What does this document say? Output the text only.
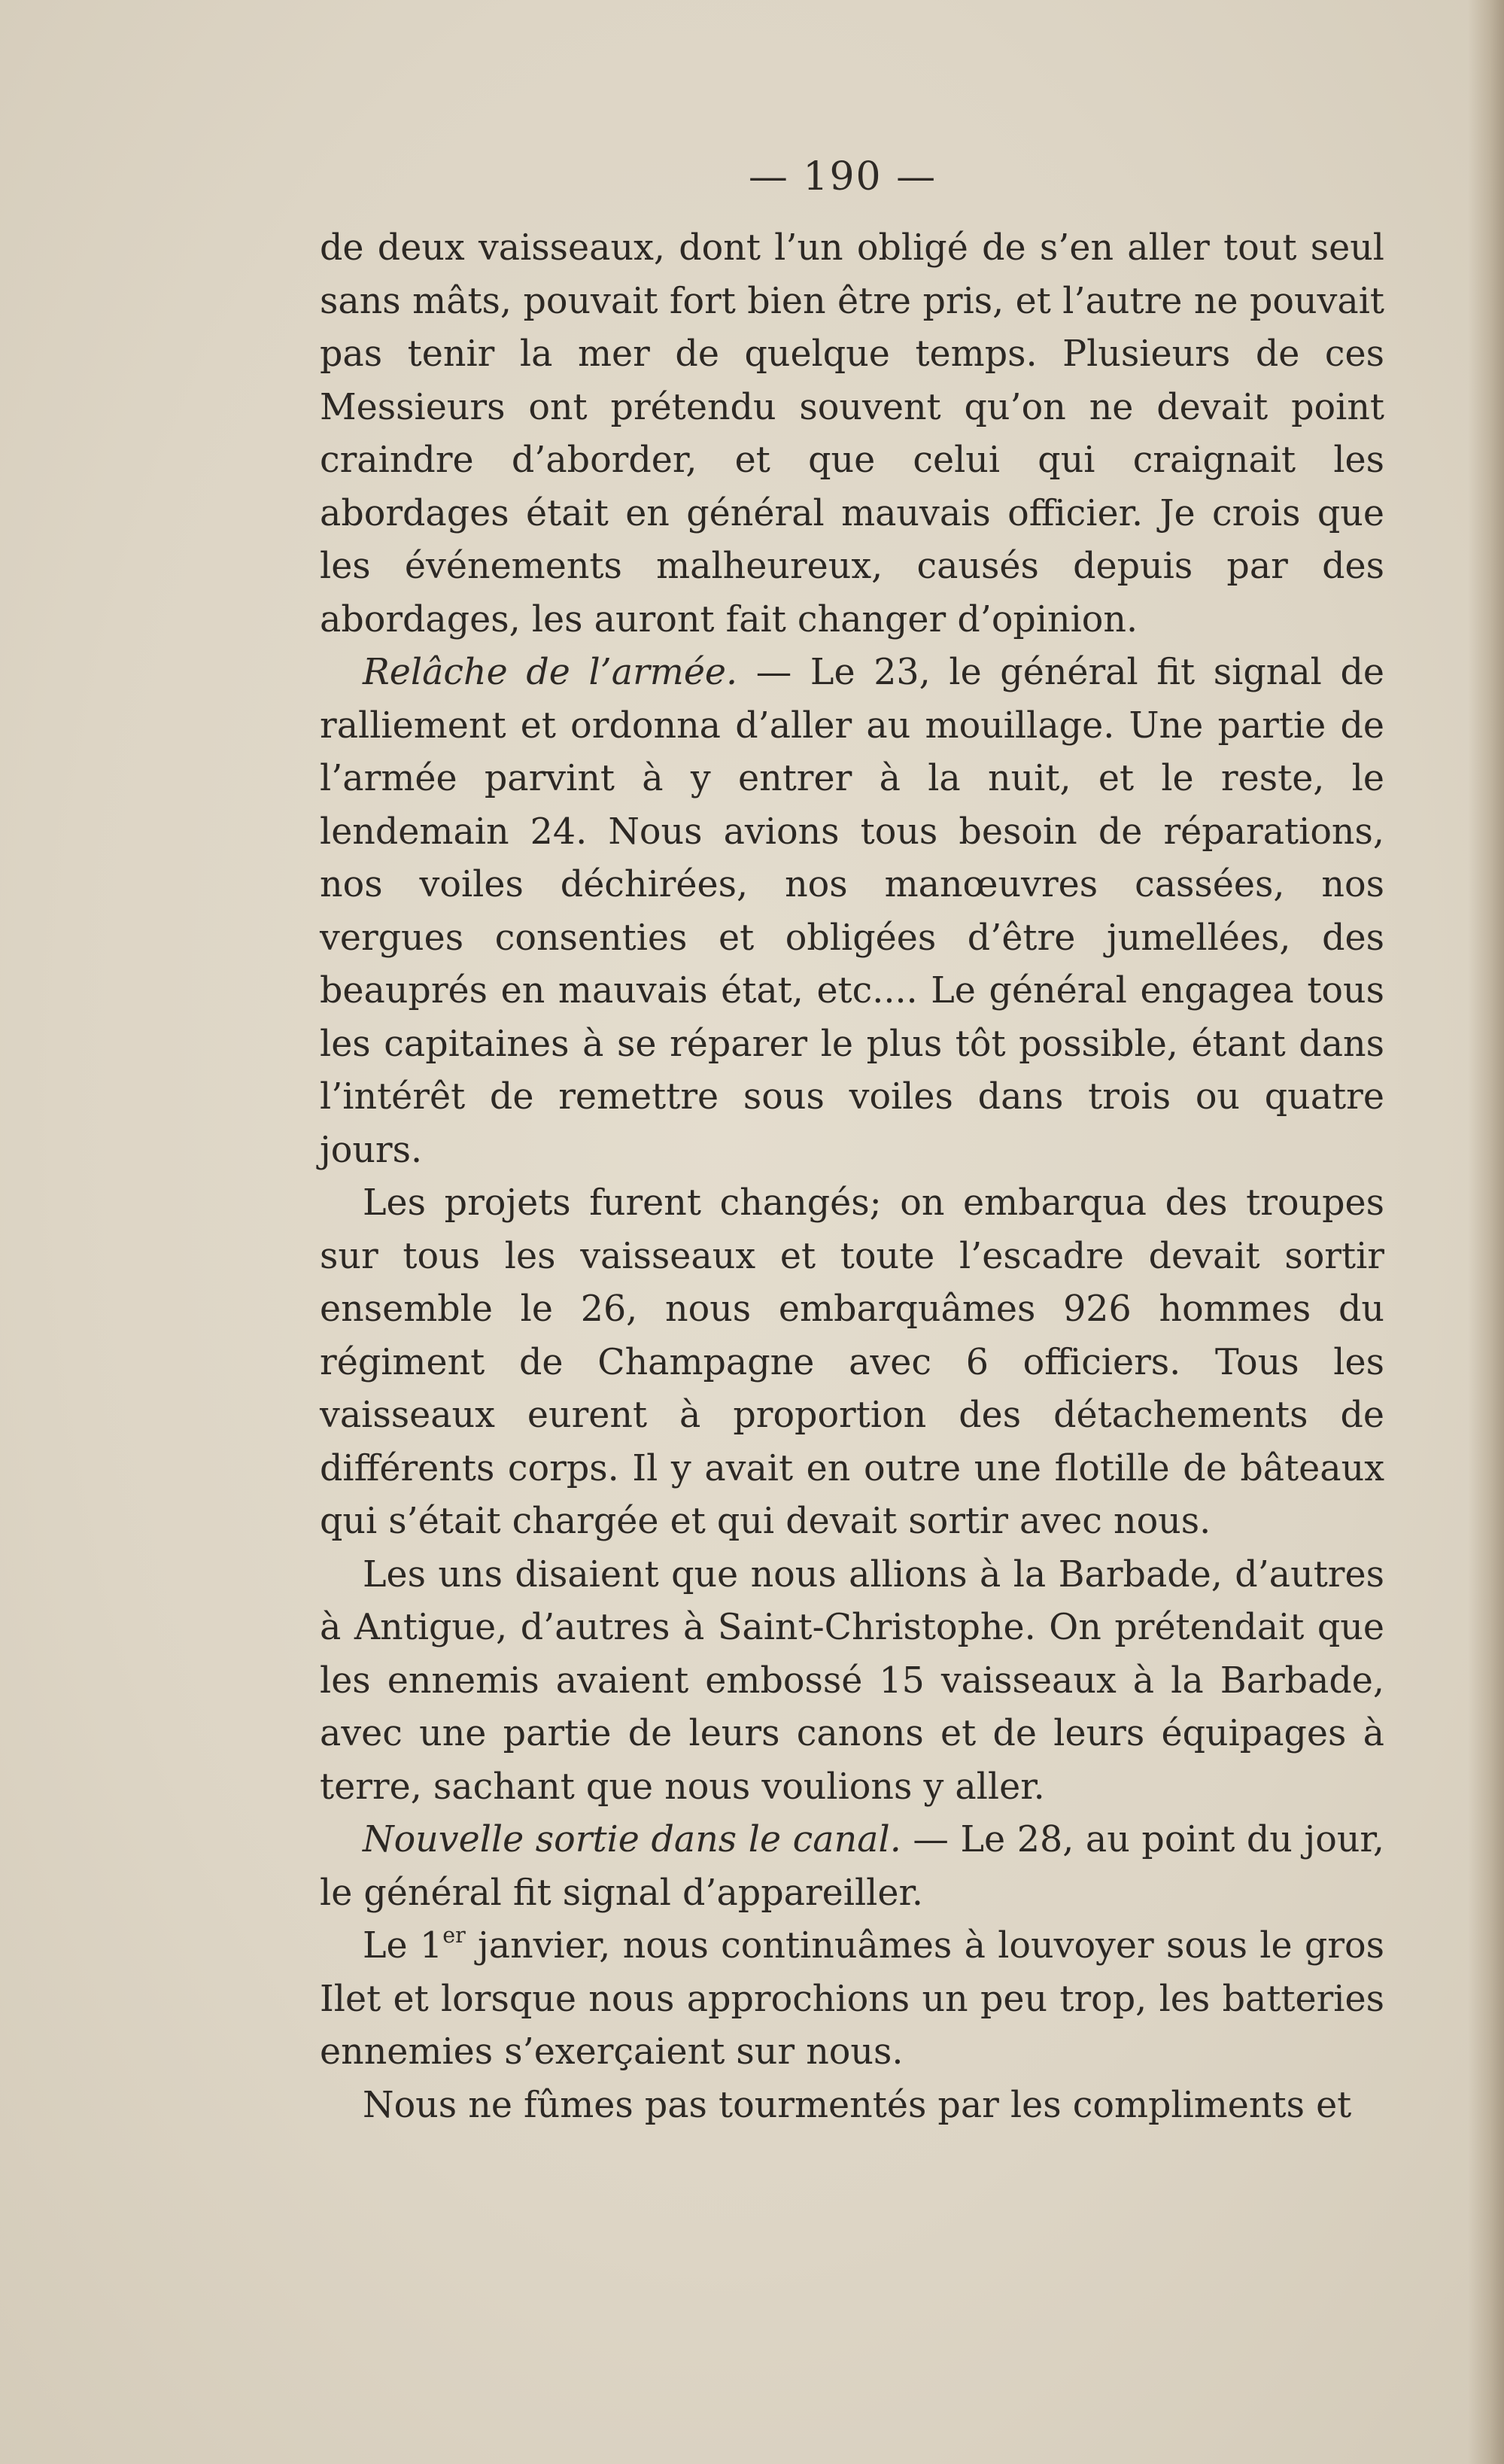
— 190 —

de deux vaisseaux, dont l’un obligé de s’en aller tout seul sans mâts, pouvait fort bien être pris, et l’autre ne pouvait pas tenir la mer de quelque temps. Plusieurs de ces Messieurs ont prétendu souvent qu’on ne devait point craindre d’aborder, et que celui qui craignait les abordages était en général mauvais officier. Je crois que les événements malheureux, causés depuis par des abordages, les auront fait changer d’opinion.

Relâche de l’armée. — Le 23, le général fit signal de ralliement et ordonna d’aller au mouillage. Une partie de l’armée parvint à y entrer à la nuit, et le reste, le lendemain 24. Nous avions tous besoin de réparations, nos voiles déchirées, nos manœuvres cassées, nos vergues consenties et obligées d’être jumellées, des beauprés en mauvais état, etc.... Le général engagea tous les capitaines à se réparer le plus tôt possible, étant dans l’intérêt de remettre sous voiles dans trois ou quatre jours.

Les projets furent changés; on embarqua des troupes sur tous les vaisseaux et toute l’escadre devait sortir ensemble le 26, nous embarquâmes 926 hommes du régiment de Champagne avec 6 officiers. Tous les vaisseaux eurent à proportion des détachements de différents corps. Il y avait en outre une flotille de bâteaux qui s’était chargée et qui devait sortir avec nous.

Les uns disaient que nous allions à la Barbade, d’autres à Antigue, d’autres à Saint-Christophe. On prétendait que les ennemis avaient embossé 15 vaisseaux à la Barbade, avec une partie de leurs canons et de leurs équipages à terre, sachant que nous voulions y aller.

Nouvelle sortie dans le canal. — Le 28, au point du jour, le général fit signal d’appareiller.

Le 1er janvier, nous continuâmes à louvoyer sous le gros Ilet et lorsque nous approchions un peu trop, les batteries ennemies s’exerçaient sur nous.

Nous ne fûmes pas tourmentés par les compliments et
